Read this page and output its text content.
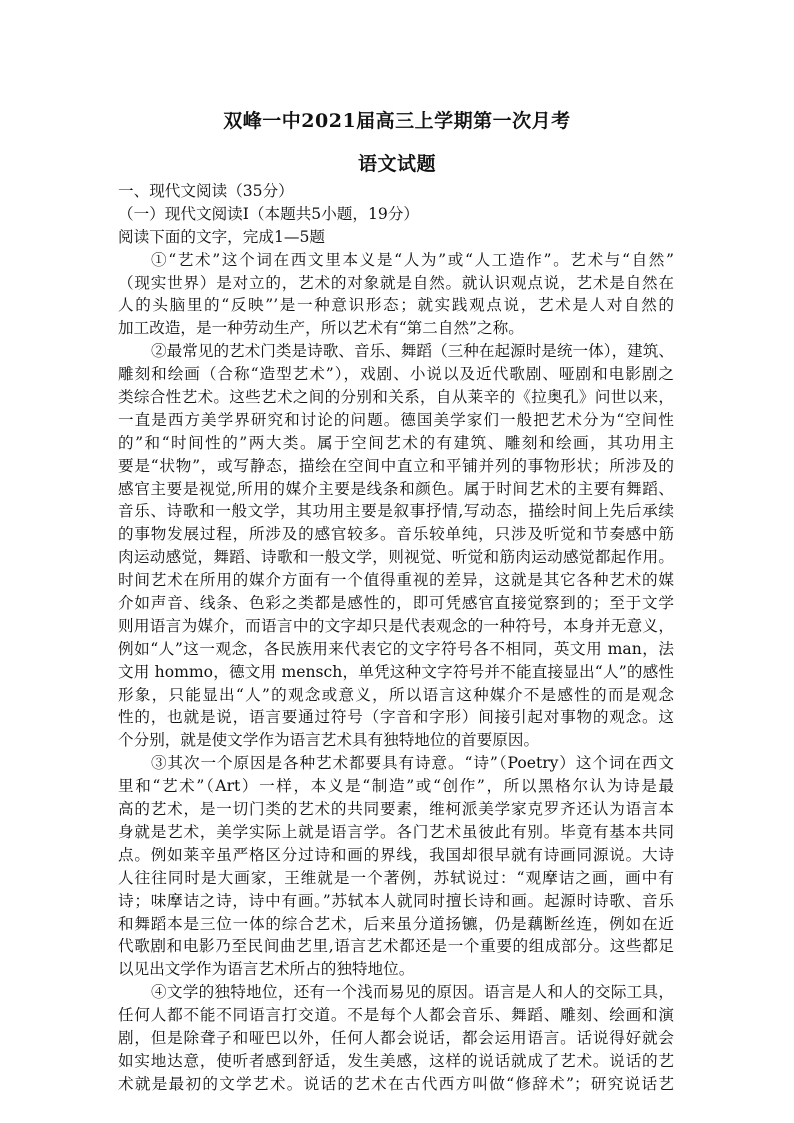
双峰一中2021届高三上学期第一次月考
语文试题
一、现代文阅读（35分）
（一）现代文阅读Ⅰ（本题共5小题，19分）
阅读下面的文字，完成1—5题
①“艺术”这个词在西文里本义是“人为”或“人工造作”。艺术与“自然”
（现实世界）是对立的，艺术的对象就是自然。就认识观点说，艺术是自然在
人的头脑里的“反映”’是一种意识形态；就实践观点说，艺术是人对自然的
加工改造，是一种劳动生产，所以艺术有“第二自然”之称。
②最常见的艺术门类是诗歌、音乐、舞蹈（三种在起源时是统一体），建筑、
雕刻和绘画（合称“造型艺术”），戏剧、小说以及近代歌剧、哑剧和电影剧之
类综合性艺术。这些艺术之间的分别和关系，自从莱辛的《拉奥孔》问世以来，
一直是西方美学界研究和讨论的问题。德国美学家们一般把艺术分为“空间性
的”和“时间性的”两大类。属于空间艺术的有建筑、雕刻和绘画，其功用主
要是“状物”，或写静态，描绘在空间中直立和平铺并列的事物形状；所涉及的
感官主要是视觉,所用的媒介主要是线条和颜色。属于时间艺术的主要有舞蹈、
音乐、诗歌和一般文学，其功用主要是叙事抒情,写动态，描绘时间上先后承续
的事物发展过程，所涉及的感官较多。音乐较单纯，只涉及听觉和节奏感中筋
肉运动感觉，舞蹈、诗歌和一般文学，则视觉、听觉和筋肉运动感觉都起作用。
时间艺术在所用的媒介方面有一个值得重视的差异，这就是其它各种艺术的媒
介如声音、线条、色彩之类都是感性的，即可凭感官直接觉察到的；至于文学
则用语言为媒介，而语言中的文字却只是代表观念的一种符号，本身并无意义，
例如“人”这一观念，各民族用来代表它的文字符号各不相同，英文用 man，法
文用 hommo，德文用 mensch，单凭这种文字符号并不能直接显出“人”的感性
形象，只能显出“人”的观念或意义，所以语言这种媒介不是感性的而是观念
性的，也就是说，语言要通过符号（字音和字形）间接引起对事物的观念。这
个分别，就是使文学作为语言艺术具有独特地位的首要原因。
③其次一个原因是各种艺术都要具有诗意。“诗”（Poetry）这个词在西文
里和“艺术”（Art）一样，本义是“制造”或“创作”，所以黑格尔认为诗是最
高的艺术，是一切门类的艺术的共同要素，维柯派美学家克罗齐还认为语言本
身就是艺术，美学实际上就是语言学。各门艺术虽彼此有别。毕竟有基本共同
点。例如莱辛虽严格区分过诗和画的界线，我国却很早就有诗画同源说。大诗
人往往同时是大画家，王维就是一个著例，苏轼说过：“观摩诘之画，画中有
诗；味摩诘之诗，诗中有画。”苏轼本人就同时擅长诗和画。起源时诗歌、音乐
和舞蹈本是三位一体的综合艺术，后来虽分道扬镳，仍是藕断丝连，例如在近
代歌剧和电影乃至民间曲艺里,语言艺术都还是一个重要的组成部分。这些都足
以见出文学作为语言艺术所占的独特地位。
④文学的独特地位，还有一个浅而易见的原因。语言是人和人的交际工具，
任何人都不能不同语言打交道。不是每个人都会音乐、舞蹈、雕刻、绘画和演
剧，但是除聋子和哑巴以外，任何人都会说话，都会运用语言。话说得好就会
如实地达意，使听者感到舒适，发生美感，这样的说话就成了艺术。说话的艺
术就是最初的文学艺术。说话的艺术在古代西方叫做“修辞术”；研究说话艺
